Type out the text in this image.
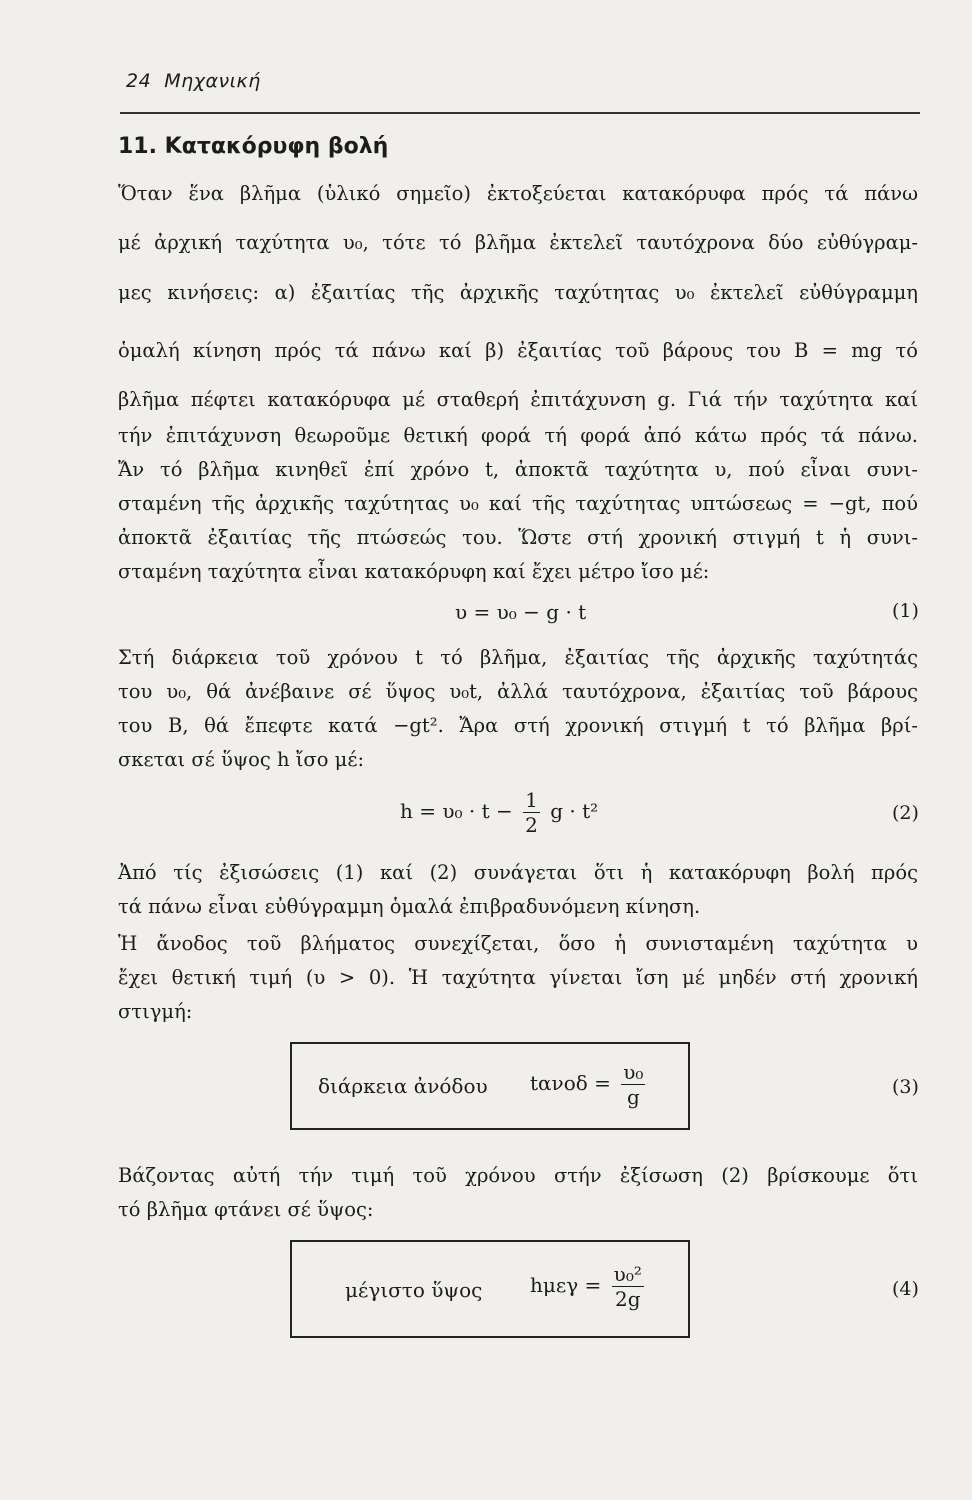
24 Μηχανική
11. Κατακόρυφη βολή
Ὅταν ἕνα βλῆμα (ὑλικό σημεῖο) ἐκτοξεύεται κατακόρυφα πρός τά πάνω
μέ ἀρχική ταχύτητα υ₀, τότε τό βλῆμα ἐκτελεῖ ταυτόχρονα δύο εὐθύγραμ-
μες κινήσεις: α) ἐξαιτίας τῆς ἀρχικῆς ταχύτητας υ₀ ἐκτελεῖ εὐθύγραμμη
ὁμαλή κίνηση πρός τά πάνω καί β) ἐξαιτίας τοῦ βάρους του B = mg τό
βλῆμα πέφτει κατακόρυφα μέ σταθερή ἐπιτάχυνση g. Γιά τήν ταχύτητα καί
τήν ἐπιτάχυνση θεωροῦμε θετική φορά τή φορά ἀπό κάτω πρός τά πάνω.
Ἄν τό βλῆμα κινηθεῖ ἐπί χρόνο t, ἀποκτᾶ ταχύτητα υ, πού εἶναι συνι-
σταμένη τῆς ἀρχικῆς ταχύτητας υ₀ καί τῆς ταχύτητας υπτώσεως = −gt, πού
ἀποκτᾶ ἐξαιτίας τῆς πτώσεώς του. Ὥστε στή χρονική στιγμή t ἡ συνι-
σταμένη ταχύτητα εἶναι κατακόρυφη καί ἔχει μέτρο ἴσο μέ:
υ = υ₀ − g · t	(1)
Στή διάρκεια τοῦ χρόνου t τό βλῆμα, ἐξαιτίας τῆς ἀρχικῆς ταχύτητάς
του υ₀, θά ἀνέβαινε σέ ὕψος υ₀t, ἀλλά ταυτόχρονα, ἐξαιτίας τοῦ βάρους
του B, θά ἔπεφτε κατά −gt². Ἄρα στή χρονική στιγμή t τό βλῆμα βρί-
σκεται σέ ὕψος h ἴσο μέ:
$h = \upsilon_0 \cdot t - \frac{1}{2}$ g · t²	(2)
Ἀπό τίς ἐξισώσεις (1) καί (2) συνάγεται ὅτι ἡ κατακόρυφη βολή πρός
τά πάνω εἶναι εὐθύγραμμη ὁμαλά ἐπιβραδυνόμενη κίνηση.
Ἡ ἄνοδος τοῦ βλήματος συνεχίζεται, ὅσο ἡ συνισταμένη ταχύτητα υ
ἔχει θετική τιμή (υ > 0). Ἡ ταχύτητα γίνεται ἴση μέ μηδέν στή χρονική
στιγμή:
διάρκεια ἀνόδου $t\alpha\nu o\delta = \frac{\text{υ₀}}{g}$	(3)
Βάζοντας αὐτή τήν τιμή τοῦ χρόνου στήν ἐξίσωση (2) βρίσκουμε ὅτι
τό βλῆμα φτάνει σέ ὕψος:
μέγιστο ὕψος $h\mu\varepsilon\gamma = \frac{\text{υ₀²}}{2g}$	(4)
